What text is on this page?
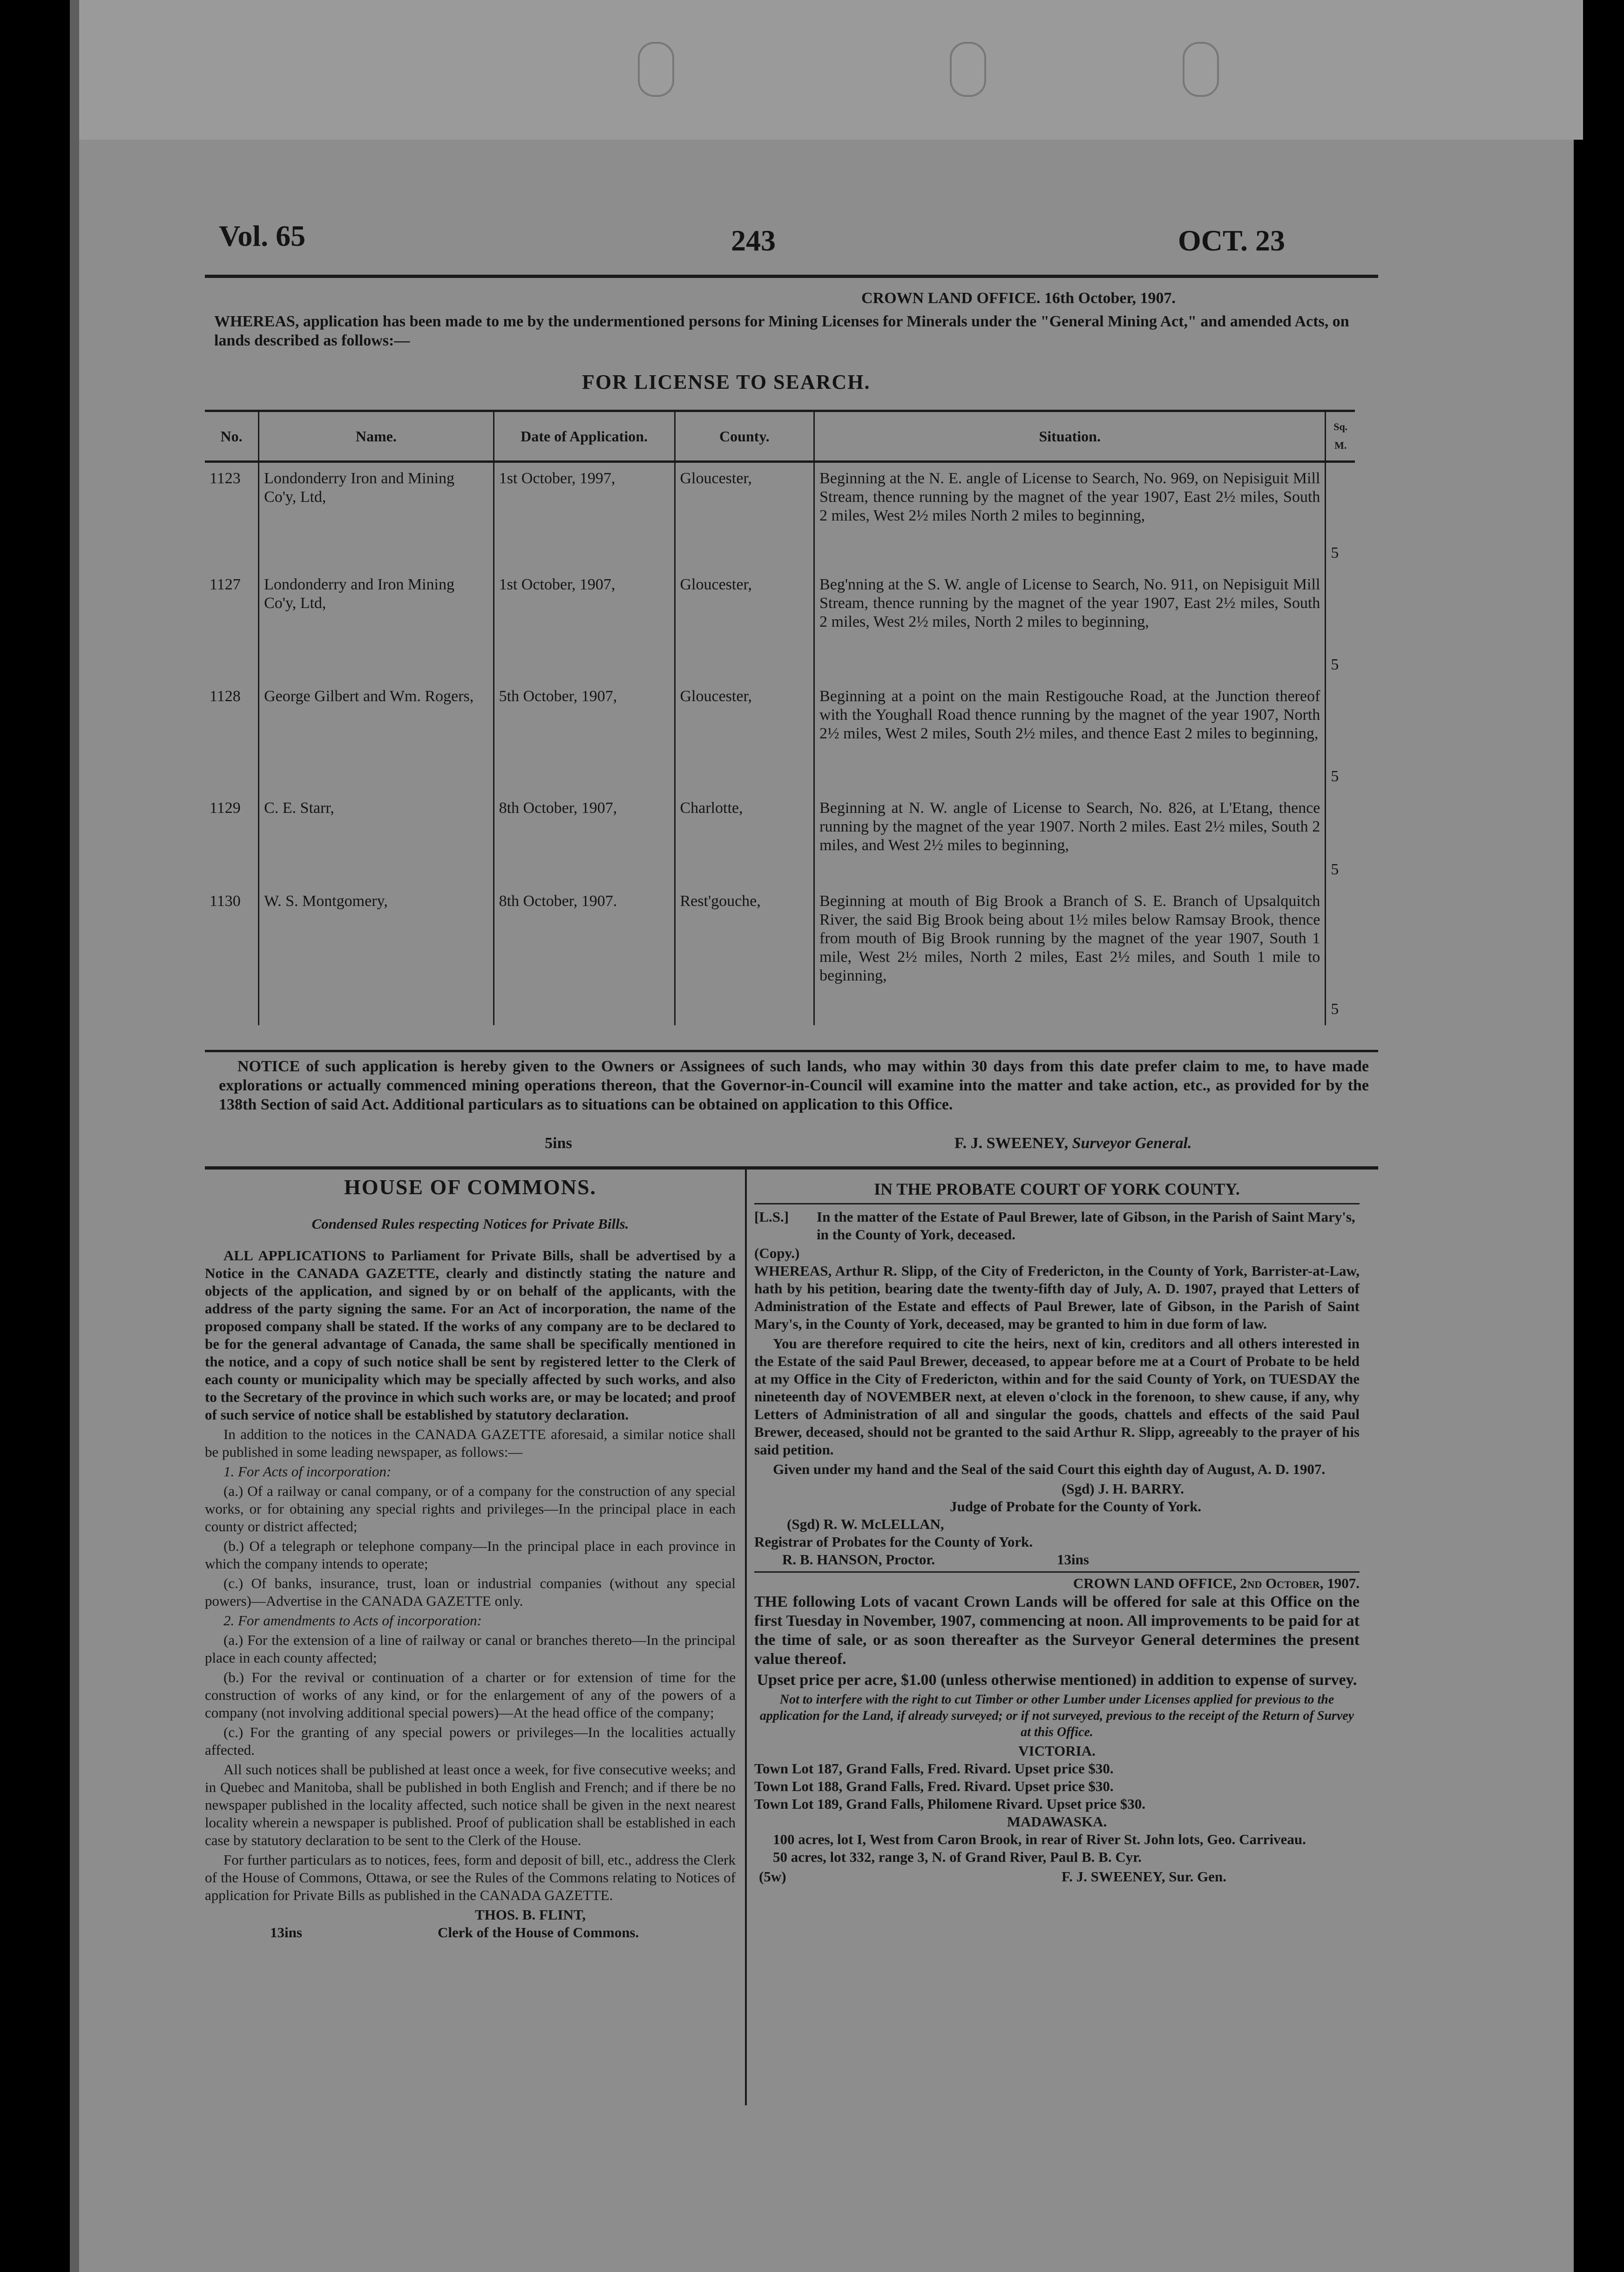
Vol. 65	243	OCT. 23
CROWN LAND OFFICE. 16th October, 1907.
WHEREAS, application has been made to me by the undermentioned persons for Mining Licenses for Minerals under the "General Mining Act," and amended Acts, on lands described as follows:—
FOR LICENSE TO SEARCH.
No.	Name.	Date of Application.	County.	Situation.	Sq. M.
1123	Londonderry Iron and Mining Co'y, Ltd,	1st October, 1997,	Gloucester,	Beginning at the N. E. angle of License to Search, No. 969, on Nepisiguit Mill Stream, thence running by the magnet of the year 1907, East 2½ miles, South 2 miles, West 2½ miles North 2 miles to beginning,	5
1127	Londonderry and Iron Mining Co'y, Ltd,	1st October, 1907,	Gloucester,	Beg'nning at the S. W. angle of License to Search, No. 911, on Nepisiguit Mill Stream, thence running by the magnet of the year 1907, East 2½ miles, South 2 miles, West 2½ miles, North 2 miles to beginning,	5
1128	George Gilbert and Wm. Rogers,	5th October, 1907,	Gloucester,	Beginning at a point on the main Restigouche Road, at the Junction thereof with the Youghall Road thence running by the magnet of the year 1907, North 2½ miles, West 2 miles, South 2½ miles, and thence East 2 miles to beginning,	5
1129	C. E. Starr,	8th October, 1907,	Charlotte,	Beginning at N. W. angle of License to Search, No. 826, at L'Etang, thence running by the magnet of the year 1907. North 2 miles. East 2½ miles, South 2 miles, and West 2½ miles to beginning,	5
1130	W. S. Montgomery,	8th October, 1907.	Rest'gouche,	Beginning at mouth of Big Brook a Branch of S. E. Branch of Upsalquitch River, the said Big Brook being about 1½ miles below Ramsay Brook, thence from mouth of Big Brook running by the magnet of the year 1907, South 1 mile, West 2½ miles, North 2 miles, East 2½ miles, and South 1 mile to beginning,	5
NOTICE of such application is hereby given to the Owners or Assignees of such lands, who may within 30 days from this date prefer claim to me, to have made explorations or actually commenced mining operations thereon, that the Governor-in-Council will examine into the matter and take action, etc., as provided for by the 138th Section of said Act. Additional particulars as to situations can be obtained on application to this Office.
5ins	F. J. SWEENEY, Surveyor General.
HOUSE OF COMMONS.
Condensed Rules respecting Notices for Private Bills.

ALL APPLICATIONS to Parliament for Private Bills, shall be advertised by a Notice in the CANADA GAZETTE, clearly and distinctly stating the nature and objects of the application, and signed by or on behalf of the applicants, with the address of the party signing the same. For an Act of incorporation, the name of the proposed company shall be stated. If the works of any company are to be declared to be for the general advantage of Canada, the same shall be specifically mentioned in the notice, and a copy of such notice shall be sent by registered letter to the Clerk of each county or municipality which may be specially affected by such works, and also to the Secretary of the province in which such works are, or may be located; and proof of such service of notice shall be established by statutory declaration.

In addition to the notices in the CANADA GAZETTE aforesaid, a similar notice shall be published in some leading newspaper, as follows:—

1. For Acts of incorporation:

(a.) Of a railway or canal company, or of a company for the construction of any special works, or for obtaining any special rights and privileges—In the principal place in each county or district affected;

(b.) Of a telegraph or telephone company—In the principal place in each province in which the company intends to operate;

(c.) Of banks, insurance, trust, loan or industrial companies (without any special powers)—Advertise in the CANADA GAZETTE only.

2. For amendments to Acts of incorporation:

(a.) For the extension of a line of railway or canal or branches thereto—In the principal place in each county affected;

(b.) For the revival or continuation of a charter or for extension of time for the construction of works of any kind, or for the enlargement of any of the powers of a company (not involving additional special powers)—At the head office of the company;

(c.) For the granting of any special powers or privileges—In the localities actually affected.

All such notices shall be published at least once a week, for five consecutive weeks; and in Quebec and Manitoba, shall be published in both English and French; and if there be no newspaper published in the locality affected, such notice shall be given in the next nearest locality wherein a newspaper is published. Proof of publication shall be established in each case by statutory declaration to be sent to the Clerk of the House.

For further particulars as to notices, fees, form and deposit of bill, etc., address the Clerk of the House of Commons, Ottawa, or see the Rules of the Commons relating to Notices of application for Private Bills as published in the CANADA GAZETTE.

THOS. B. FLINT,
13ins	Clerk of the House of Commons.
IN THE PROBATE COURT OF YORK COUNTY.
[L.S.]
(Copy.)
In the matter of the Estate of Paul Brewer, late of Gibson, in the Parish of Saint Mary's, in the County of York, deceased.

WHEREAS, Arthur R. Slipp, of the City of Fredericton, in the County of York, Barrister-at-Law, hath by his petition, bearing date the twenty-fifth day of July, A. D. 1907, prayed that Letters of Administration of the Estate and effects of Paul Brewer, late of Gibson, in the Parish of Saint Mary's, in the County of York, deceased, may be granted to him in due form of law.

You are therefore required to cite the heirs, next of kin, creditors and all others interested in the Estate of the said Paul Brewer, deceased, to appear before me at a Court of Probate to be held at my Office in the City of Fredericton, within and for the said County of York, on TUESDAY the nineteenth day of NOVEMBER next, at eleven o'clock in the forenoon, to shew cause, if any, why Letters of Administration of all and singular the goods, chattels and effects of the said Paul Brewer, deceased, should not be granted to the said Arthur R. Slipp, agreeably to the prayer of his said petition.

Given under my hand and the Seal of the said Court this eighth day of August, A. D. 1907.

(Sgd) J. H. BARRY.
Judge of Probate for the County of York.
(Sgd) R. W. McLELLAN,
Registrar of Probates for the County of York.
R. B. HANSON, Proctor.	13ins
CROWN LAND OFFICE, 2nd October, 1907.

THE following Lots of vacant Crown Lands will be offered for sale at this Office on the first Tuesday in November, 1907, commencing at noon. All improvements to be paid for at the time of sale, or as soon thereafter as the Surveyor General determines the present value thereof.

Upset price per acre, $1.00 (unless otherwise mentioned) in addition to expense of survey.

Not to interfere with the right to cut Timber or other Lumber under Licenses applied for previous to the application for the Land, if already surveyed; or if not surveyed, previous to the receipt of the Return of Survey at this Office.

VICTORIA.
Town Lot 187, Grand Falls, Fred. Rivard. Upset price $30.
Town Lot 188, Grand Falls, Fred. Rivard. Upset price $30.
Town Lot 189, Grand Falls, Philomene Rivard. Upset price $30.
MADAWASKA.
100 acres, lot I, West from Caron Brook, in rear of River St. John lots, Geo. Carriveau.
50 acres, lot 332, range 3, N. of Grand River, Paul B. B. Cyr.
(5w)	F. J. SWEENEY, Sur. Gen.
